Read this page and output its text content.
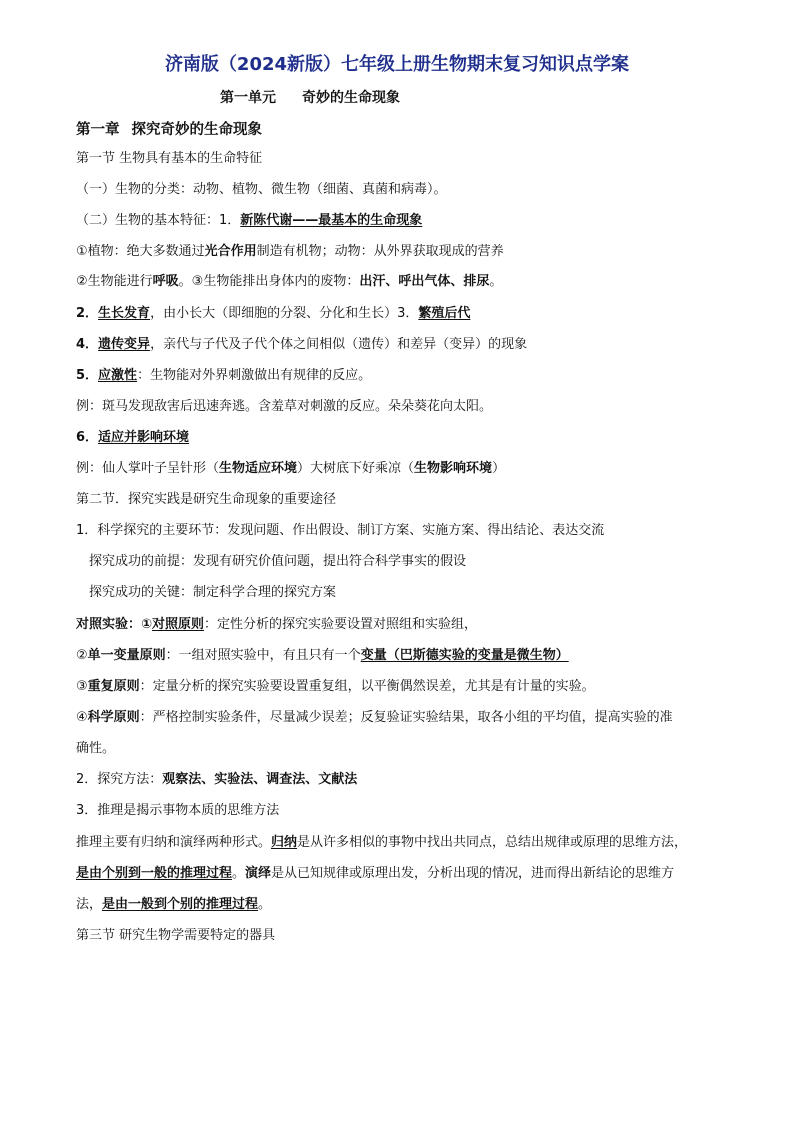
济南版（2024新版）七年级上册生物期末复习知识点学案
第一单元 奇妙的生命现象
第一章 探究奇妙的生命现象
第一节 生物具有基本的生命特征
（一）生物的分类：动物、植物、微生物（细菌、真菌和病毒）。
（二）生物的基本特征：1．新陈代谢——最基本的生命现象
①植物：绝大多数通过光合作用制造有机物；动物：从外界获取现成的营养
②生物能进行呼吸。③生物能排出身体内的废物：出汗、呼出气体、排尿。
2．生长发育，由小长大（即细胞的分裂、分化和生长）3．繁殖后代
4．遗传变异，亲代与子代及子代个体之间相似（遗传）和差异（变异）的现象
5．应激性：生物能对外界刺激做出有规律的反应。
例：斑马发现敌害后迅速奔逃。含羞草对刺激的反应。朵朵葵花向太阳。
6．适应并影响环境
例：仙人掌叶子呈针形（生物适应环境）大树底下好乘凉（生物影响环境）
第二节．探究实践是研究生命现象的重要途径
1．科学探究的主要环节：发现问题、作出假设、制订方案、实施方案、得出结论、表达交流
探究成功的前提：发现有研究价值问题，提出符合科学事实的假设
探究成功的关键：制定科学合理的探究方案
对照实验：①对照原则：定性分析的探究实验要设置对照组和实验组，
②单一变量原则：一组对照实验中，有且只有一个变量（巴斯德实验的变量是微生物）
③重复原则：定量分析的探究实验要设置重复组，以平衡偶然误差，尤其是有计量的实验。
④科学原则：严格控制实验条件，尽量减少误差；反复验证实验结果，取各小组的平均值，提高实验的准
确性。
2．探究方法：观察法、实验法、调查法、文献法
3．推理是揭示事物本质的思维方法
推理主要有归纳和演绎两种形式。归纳是从许多相似的事物中找出共同点，总结出规律或原理的思维方法，
是由个别到一般的推理过程。演绎是从已知规律或原理出发，分析出现的情况，进而得出新结论的思维方
法，是由一般到个别的推理过程。
第三节 研究生物学需要特定的器具
